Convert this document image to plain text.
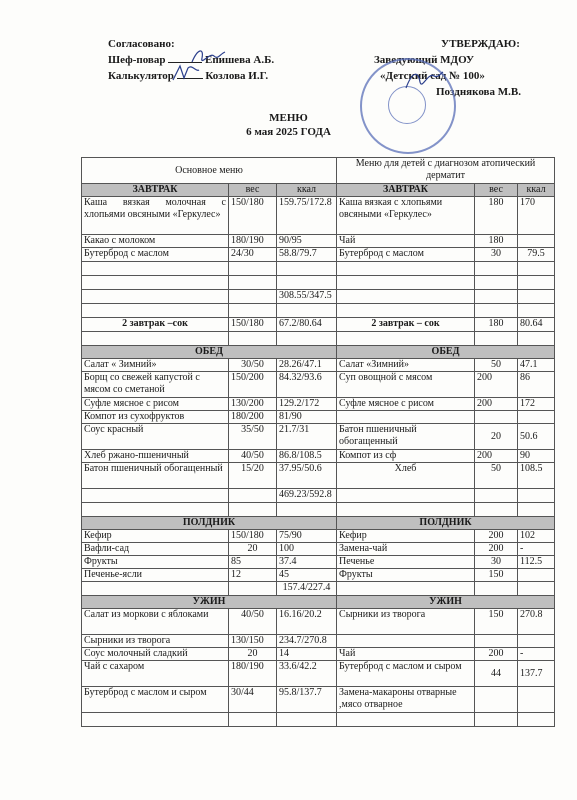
Согласовано:
Шеф-повар	Епишева А.Б.
Калькулятор	Козлова И.Г.
УТВЕРЖДАЮ:
Заведующий МДОУ
«Детский сад № 100»
Позднякова М.В.
МЕНЮ
6 мая 2025 ГОДА
Основное меню			Меню для детей с диагнозом атопический дерматит		
ЗАВТРАК	вес	ккал	ЗАВТРАК	вес	ккал
Каша вязкая молочная с хлопьями овсяными «Геркулес»	150/180	159.75/172.8	Каша вязкая с хлопьями овсяными «Геркулес»	180	170
Какао с молоком	180/190	90/95	Чай	180	
Бутерброд с маслом	24/30	58.8/79.7	Бутерброд с маслом	30	79.5

		308.55/347.5			

2 завтрак –сок	150/180	67.2/80.64	2 завтрак – сок	180	80.64

ОБЕД			ОБЕД		
Салат « Зимний»	30/50	28.26/47.1	Салат «Зимний»	50	47.1
Борщ со свежей капустой с мясом со сметаной	150/200	84.32/93.6	Суп овощной с мясом	200	86
Суфле мясное с рисом	130/200	129.2/172	Суфле мясное с рисом	200	172
Компот из сухофруктов	180/200	81/90			
Соус красный	35/50	21.7/31	Батон пшеничный обогащенный	20	50.6
Хлеб ржано-пшеничный	40/50	86.8/108.5	Компот из сф	200	90
Батон пшеничный обогащенный	15/20	37.95/50.6	Хлеб	50	108.5
		469.23/592.8			

ПОЛДНИК			ПОЛДНИК		
Кефир	150/180	75/90	Кефир	200	102
Вафли-сад	20	100	Замена-чай	200	-
Фрукты	85	37.4	Печенье	30	112.5
Печенье-ясли	12	45	Фрукты	150	
		157.4/227.4			
УЖИН			УЖИН		
Салат из моркови с яблоками	40/50	16.16/20.2	Сырники из творога	150	270.8
Сырники из творога	130/150	234.7/270.8			
Соус молочный сладкий	20	14	Чай	200	-
Чай с сахаром	180/190	33.6/42.2	Бутерброд с маслом и сыром	44	137.7
Бутерброд с маслом и сыром	30/44	95.8/137.7	Замена-макароны отварные ,мясо отварное		
